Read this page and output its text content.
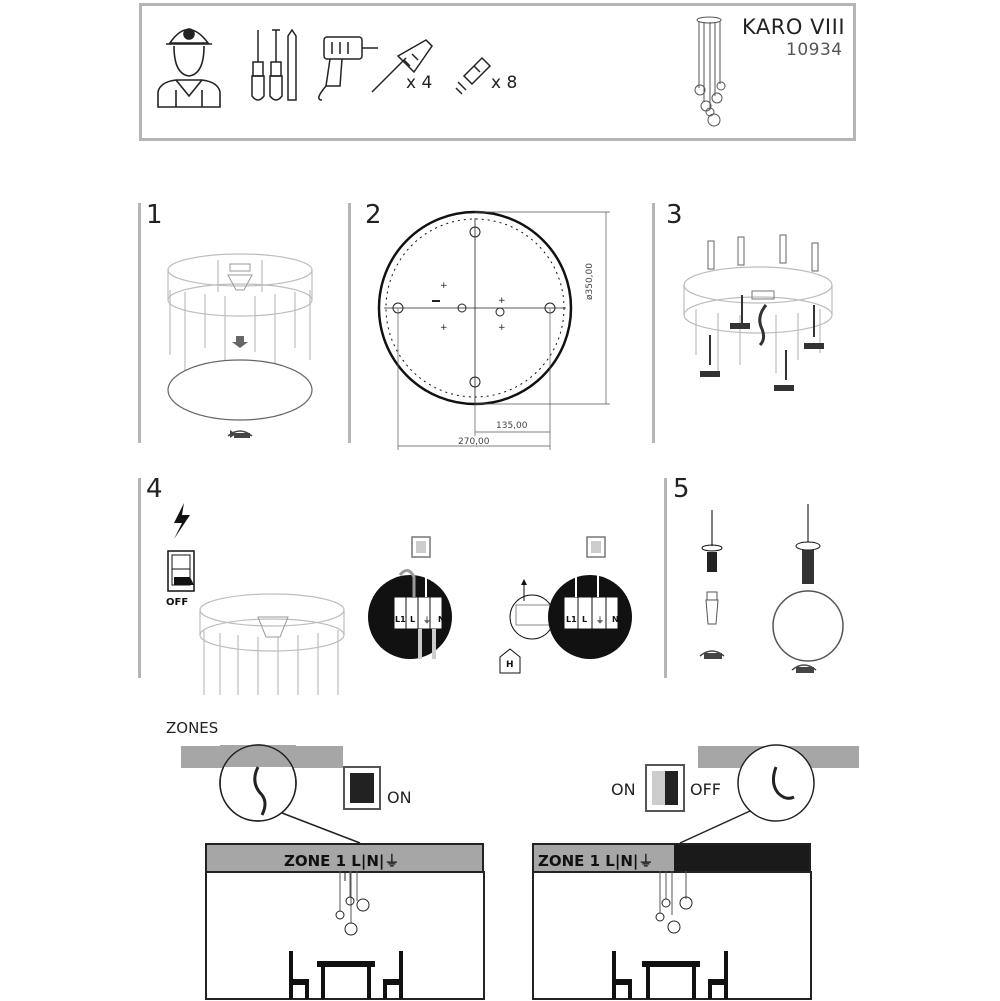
x 4	x 8
KARO VIII
10934
1	2	3
4	5
+
+	+
+	ø350,00
135,00
270,00
OFF
L1 L ⏚ N	L1 L ⏚ N
H
ZONES
ON
ZONE 1 L|N|⏚
ON	OFF
ZONE 1 L|N|⏚
